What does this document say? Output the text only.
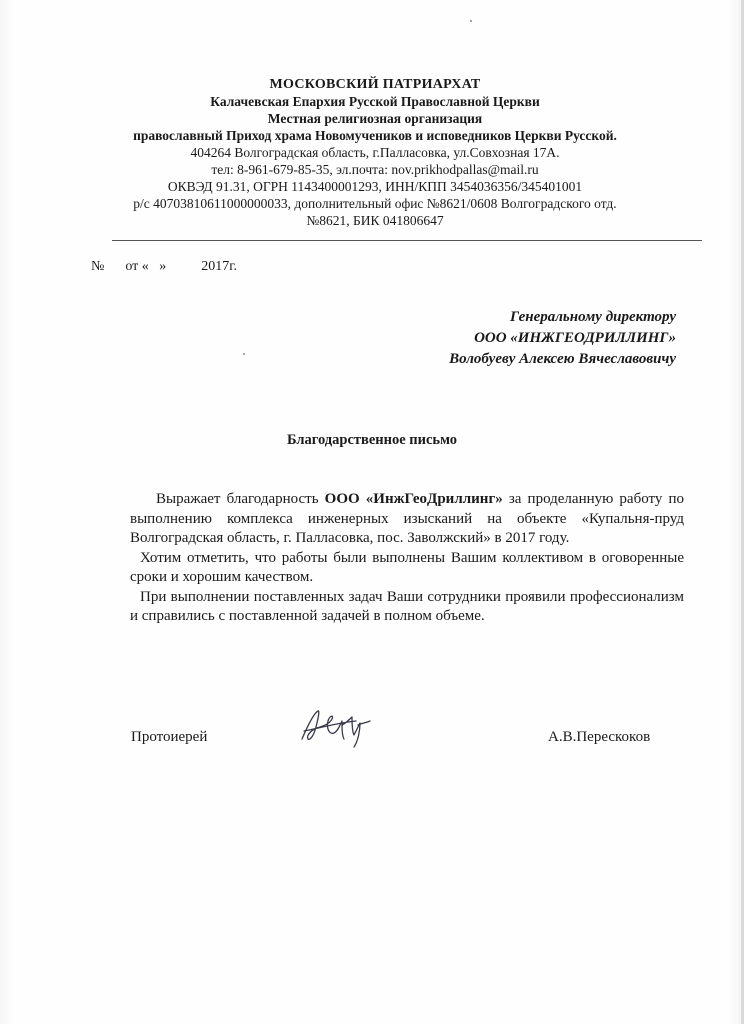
МОСКОВСКИЙ ПАТРИАРХАТ
Калачевская Епархия Русской Православной Церкви
Местная религиозная организация
православный Приход храма Новомучеников и исповедников Церкви Русской.
404264 Волгоградская область, г.Палласовка, ул.Совхозная 17А.
тел: 8-961-679-85-35, эл.почта: nov.prikhodpallas@mail.ru
ОКВЭД 91.31, ОГРН 1143400001293, ИНН/КПП 3454036356/345401001
р/с 40703810611000000033, дополнительный офис №8621/0608 Волгоградского отд.
№8621, БИК 041806647
№      от «   »          2017г.
Генеральному директору
ООО «ИНЖГЕОДРИЛЛИНГ»
Волобуеву Алексею Вячеславовичу
Благодарственное письмо

Выражает благодарность ООО «ИнжГеоДриллинг» за проделанную работу по выполнению комплекса инженерных изысканий на объекте «Купальня-пруд Волгоградская область, г. Палласовка, пос. Заволжский» в 2017 году.

Хотим отметить, что работы были выполнены Вашим коллективом в оговоренные сроки и хорошим качеством.

При выполнении поставленных задач Ваши сотрудники проявили профессионализм и справились с поставленной задачей в полном объеме.

Протоиерей	А.В.Перескоков
